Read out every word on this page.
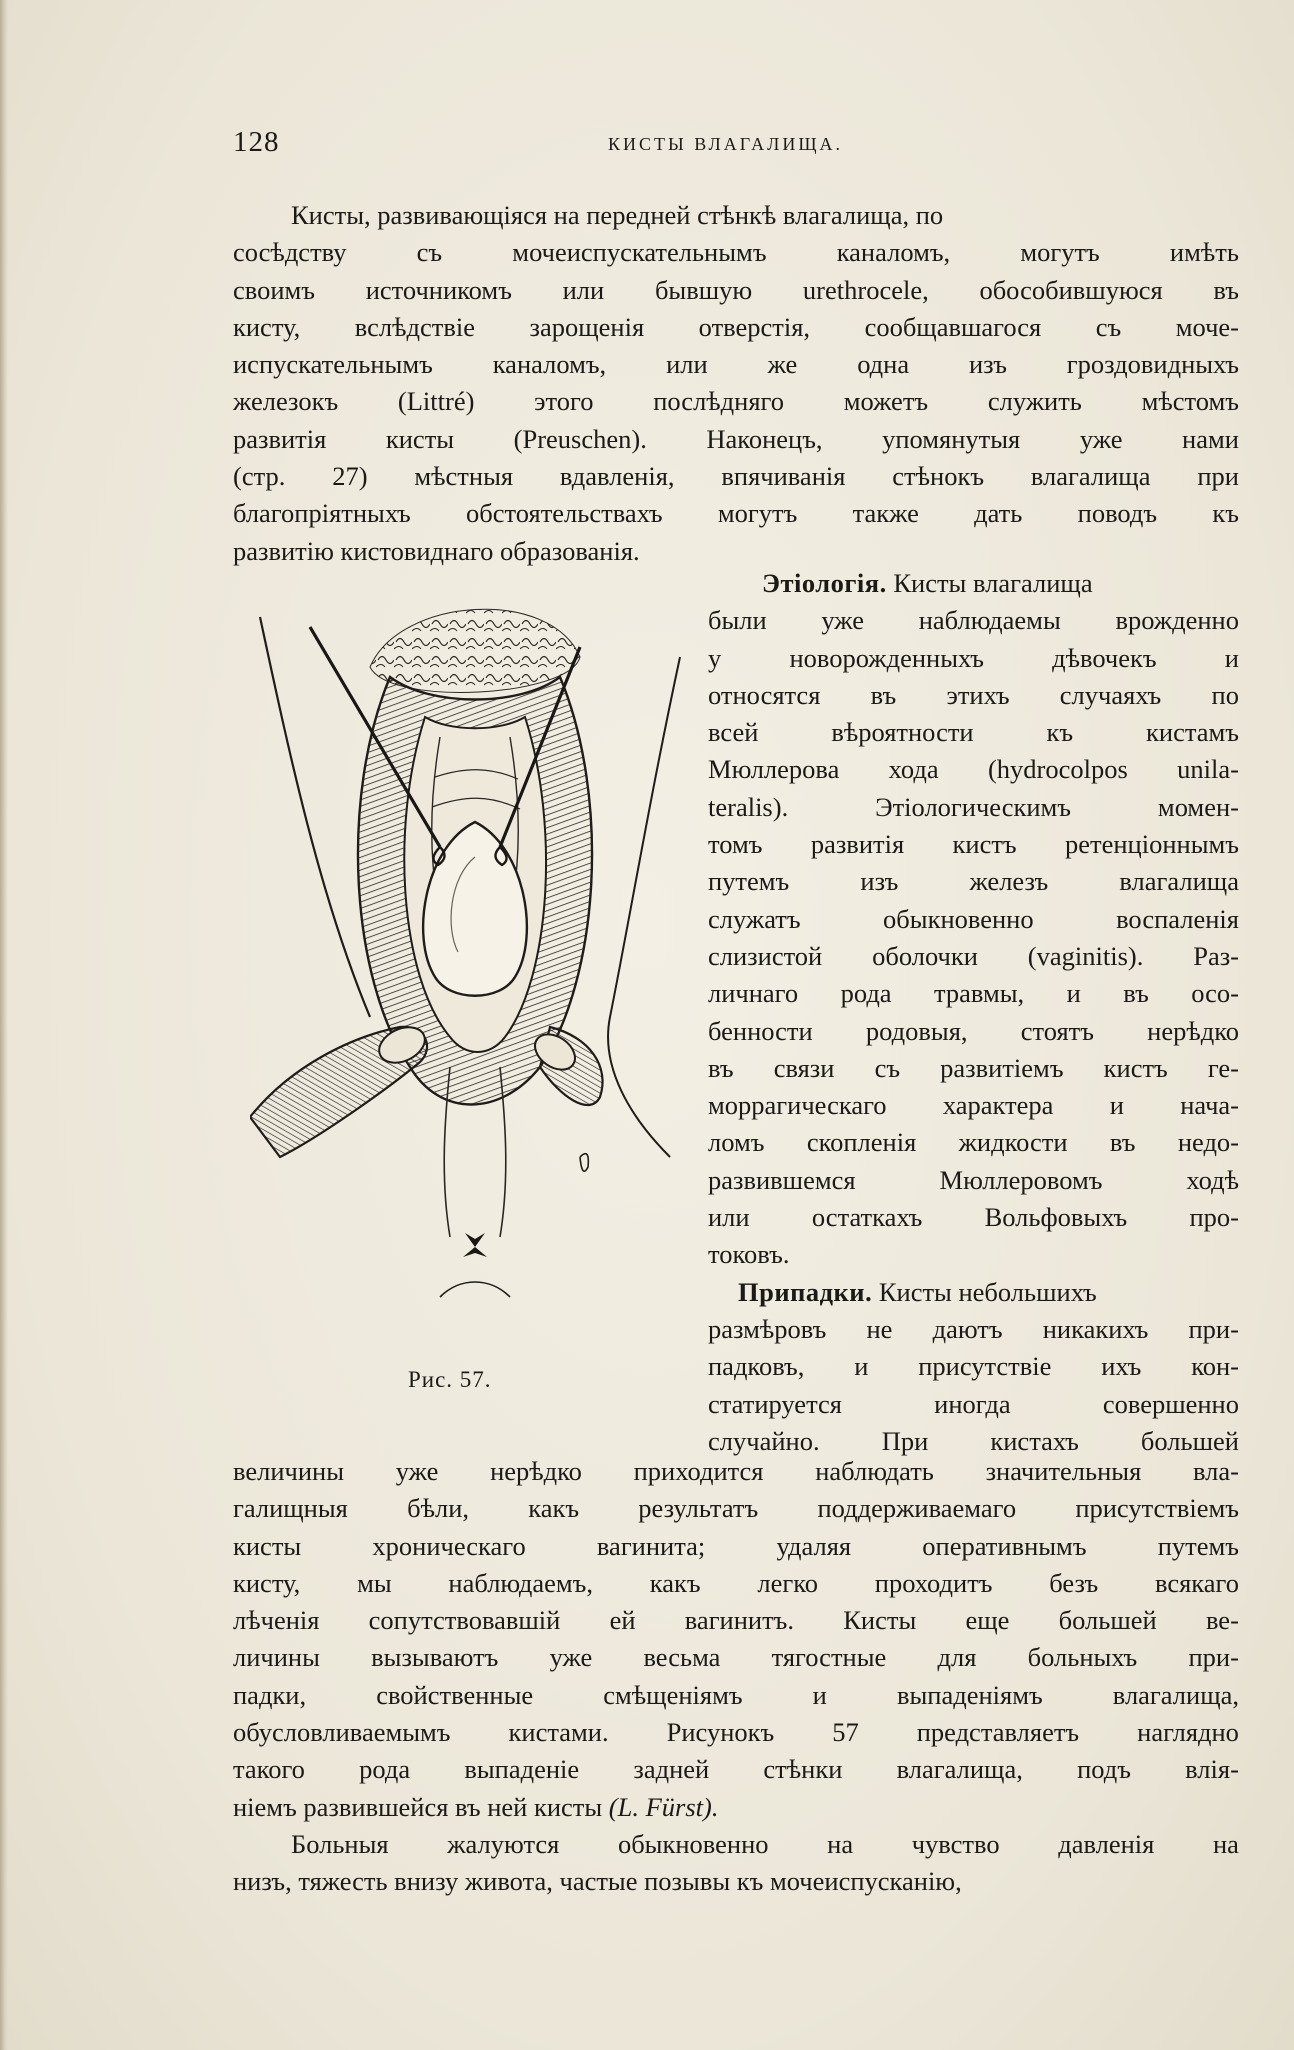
128	КИСТЫ ВЛАГАЛИЩА.
Кисты, развивающіяся на передней стѣнкѣ влагалища, по
сосѣдству	съ	мочеиспускательнымъ	каналомъ,	могутъ	имѣть
своимъ источникомъ или бывшую urethrocele, обособившуюся въ
кисту, вслѣдствіе зарощенія отверстія, сообщавшагося съ моче-
испускательнымъ каналомъ, или же одна изъ гроздовидныхъ
железокъ (Littré) этого послѣдняго можетъ служить мѣстомъ
развитія кисты (Preuschen). Наконецъ, упомянутыя уже нами
(стр. 27) мѣстныя вдавленія, впячиванія стѣнокъ влагалища при
благопріятныхъ обстоятельствахъ могутъ также дать поводъ къ
развитію кистовиднаго образованія.
Этіологія. Кисты влагалища
были уже наблюдаемы врожденно
у	новорожденныхъ	дѣвочекъ	и
относятся въ этихъ случаяхъ по
всей	вѣроятности	къ	кистамъ
Мюллерова хода (hydrocolpos unila-
teralis).	Этіологическимъ	момен-
томъ развитія кистъ ретенціоннымъ
путемъ	изъ	железъ	влагалища
служатъ	обыкновенно	воспаленія
слизистой оболочки (vaginitis). Раз-
личнаго рода травмы, и въ осо-
бенности родовыя, стоятъ нерѣдко
въ связи съ развитіемъ кистъ ге-
моррагическаго характера и нача-
ломъ скопленія жидкости въ недо-
развившемся	Мюллеровомъ	ходѣ
или остаткахъ Вольфовыхъ про-
токовъ.
Припадки. Кисты небольшихъ
размѣровъ не даютъ никакихъ при-
падковъ, и присутствіе ихъ кон-
статируется	иногда	совершенно
случайно. При кистахъ большей
величины уже нерѣдко приходится наблюдать значительныя вла-
галищныя бѣли, какъ результатъ поддерживаемаго присутствіемъ
кисты	хроническаго	вагинита;	удаляя	оперативнымъ	путемъ
кисту, мы наблюдаемъ, какъ легко проходитъ безъ всякаго
лѣченія сопутствовавшій ей вагинитъ. Кисты еще большей ве-
личины вызываютъ уже весьма тягостные для больныхъ при-
падки,	свойственные	смѣщеніямъ	и	выпаденіямъ	влагалища,
обусловливаемымъ кистами. Рисунокъ 57 представляетъ наглядно
такого рода выпаденіе задней стѣнки влагалища, подъ влія-
ніемъ развившейся въ ней кисты (L. Fürst).
Больныя жалуются обыкновенно на чувство давленія на
низъ, тяжесть внизу живота, частые позывы къ мочеиспусканію,
Рис. 57.
